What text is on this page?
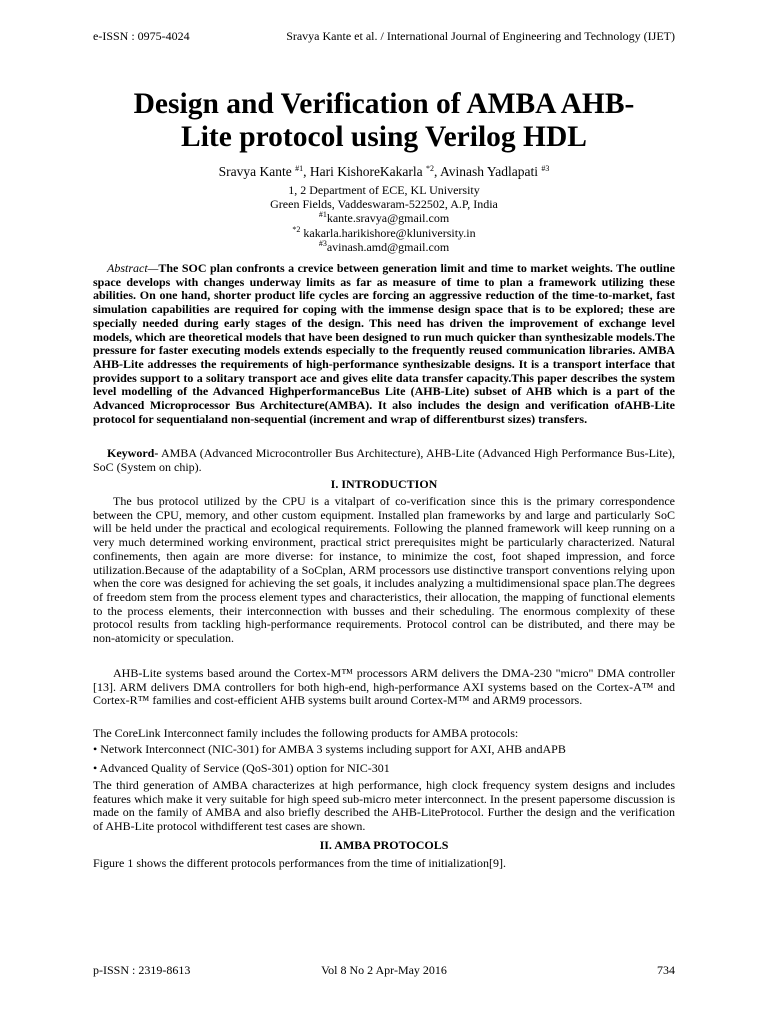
e-ISSN : 0975-4024	Sravya Kante et al. / International Journal of Engineering and Technology (IJET)
Design and Verification of AMBA AHB-
Lite protocol using Verilog HDL
Sravya Kante $^{\#1}$, Hari KishoreKakarla $^{*2}$, Avinash Yadlapati $^{\#3}$
1, 2 Department of ECE, KL University
Green Fields, Vaddeswaram-522502, A.P, India
$^{\#1}$kante.sravya@gmail.com
$^{*2}$ kakarla.harikishore@kluniversity.in
$^{\#3}$avinash.amd@gmail.com

Abstract—The SOC plan confronts a crevice between generation limit and time to market weights. The outline space develops with changes underway limits as far as measure of time to plan a framework utilizing these abilities. On one hand, shorter product life cycles are forcing an aggressive reduction of the time-to-market, fast simulation capabilities are required for coping with the immense design space that is to be explored; these are specially needed during early stages of the design. This need has driven the improvement of exchange level models, which are theoretical models that have been designed to run much quicker than synthesizable models.The pressure for faster executing models extends especially to the frequently reused communication libraries. AMBA AHB-Lite addresses the requirements of high-performance synthesizable designs. It is a transport interface that provides support to a solitary transport ace and gives elite data transfer capacity.This paper describes the system level modelling of the Advanced HighperformanceBus Lite (AHB-Lite) subset of AHB which is a part of the Advanced Microprocessor Bus Architecture(AMBA). It also includes the design and verification ofAHB-Lite protocol for sequentialand non-sequential (increment and wrap of differentburst sizes) transfers.

Keyword- AMBA (Advanced Microcontroller Bus Architecture), AHB-Lite (Advanced High Performance Bus-Lite), SoC (System on chip).

I. INTRODUCTION

The bus protocol utilized by the CPU is a vitalpart of co-verification since this is the primary correspondence between the CPU, memory, and other custom equipment. Installed plan frameworks by and large and particularly SoC will be held under the practical and ecological requirements. Following the planned framework will keep running on a very much determined working environment, practical strict prerequisites might be particularly characterized. Natural confinements, then again are more diverse: for instance, to minimize the cost, foot shaped impression, and force utilization.Because of the adaptability of a SoCplan, ARM processors use distinctive transport conventions relying upon when the core was designed for achieving the set goals, it includes analyzing a multidimensional space plan.The degrees of freedom stem from the process element types and characteristics, their allocation, the mapping of functional elements to the process elements, their interconnection with busses and their scheduling. The enormous complexity of these protocol results from tackling high-performance requirements. Protocol control can be distributed, and there may be non-atomicity or speculation.

AHB-Lite systems based around the Cortex-M™ processors ARM delivers the DMA-230 "micro" DMA controller [13]. ARM delivers DMA controllers for both high-end, high-performance AXI systems based on the Cortex-A™ and Cortex-R™ families and cost-efficient AHB systems built around Cortex-M™ and ARM9 processors.

The CoreLink Interconnect family includes the following products for AMBA protocols:

• Network Interconnect (NIC-301) for AMBA 3 systems including support for AXI, AHB andAPB

• Advanced Quality of Service (QoS-301) option for NIC-301

The third generation of AMBA characterizes at high performance, high clock frequency system designs and includes features which make it very suitable for high speed sub-micro meter interconnect. In the present papersome discussion is made on the family of AMBA and also briefly described the AHB-LiteProtocol. Further the design and the verification of AHB-Lite protocol withdifferent test cases are shown.

II. AMBA PROTOCOLS

Figure 1 shows the different protocols performances from the time of initialization[9].

p-ISSN : 2319-8613	Vol 8 No 2 Apr-May 2016	734
